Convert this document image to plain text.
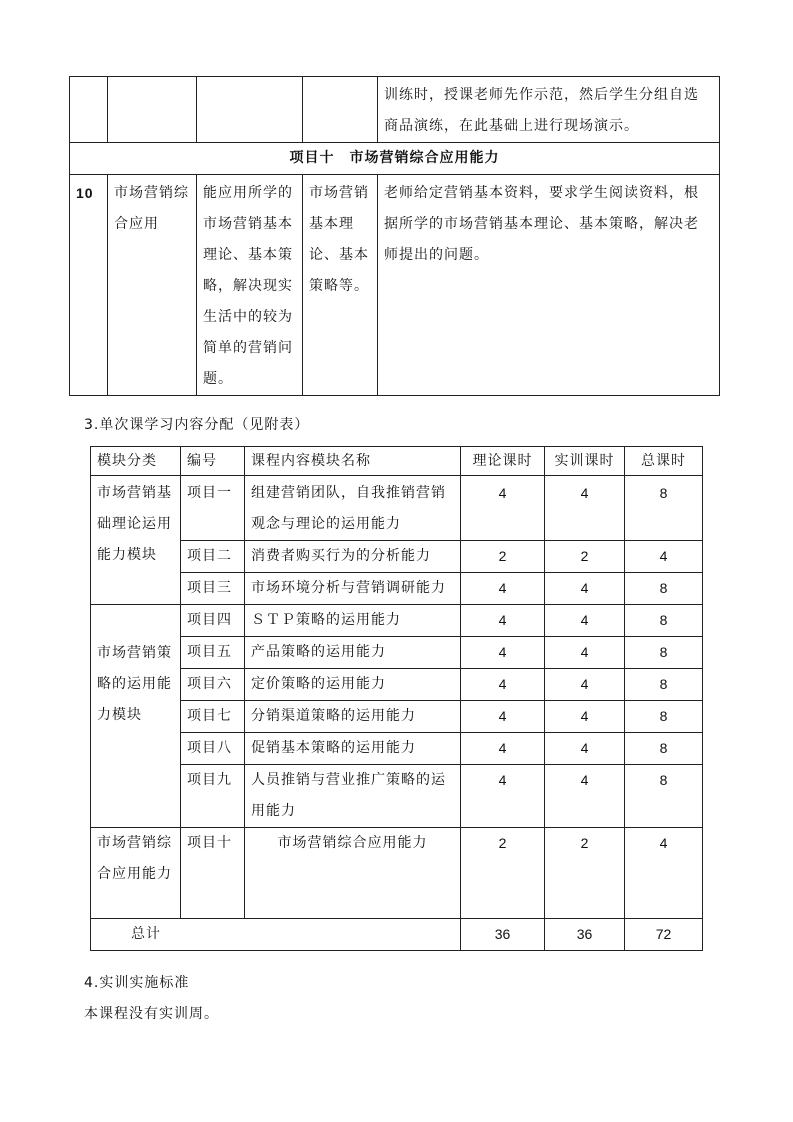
				训练时，授课老师先作示范，然后学生分组自选商品演练，在此基础上进行现场演示。
项目十　市场营销综合应用能力				
10	市场营销综合应用	能应用所学的市场营销基本理论、基本策略，解决现实生活中的较为简单的营销问题。	市场营销基本理论、基本策略等。	老师给定营销基本资料，要求学生阅读资料，根据所学的市场营销基本理论、基本策略，解决老师提出的问题。
3.单次课学习内容分配（见附表）
模块分类	编号	课程内容模块名称	理论课时	实训课时	总课时
市场营销基础理论运用能力模块	项目一	组建营销团队，自我推销营销观念与理论的运用能力	4	4	8
	项目二	消费者购买行为的分析能力	2	2	4
	项目三	市场环境分析与营销调研能力	4	4	8
市场营销策略的运用能力模块	项目四	ＳＴＰ策略的运用能力	4	4	8
	项目五	产品策略的运用能力	4	4	8
	项目六	定价策略的运用能力	4	4	8
	项目七	分销渠道策略的运用能力	4	4	8
	项目八	促销基本策略的运用能力	4	4	8
	项目九	人员推销与营业推广策略的运用能力	4	4	8
市场营销综合应用能力	项目十	市场营销综合应用能力	2	2	4
总计			36	36	72
4.实训实施标准
本课程没有实训周。
